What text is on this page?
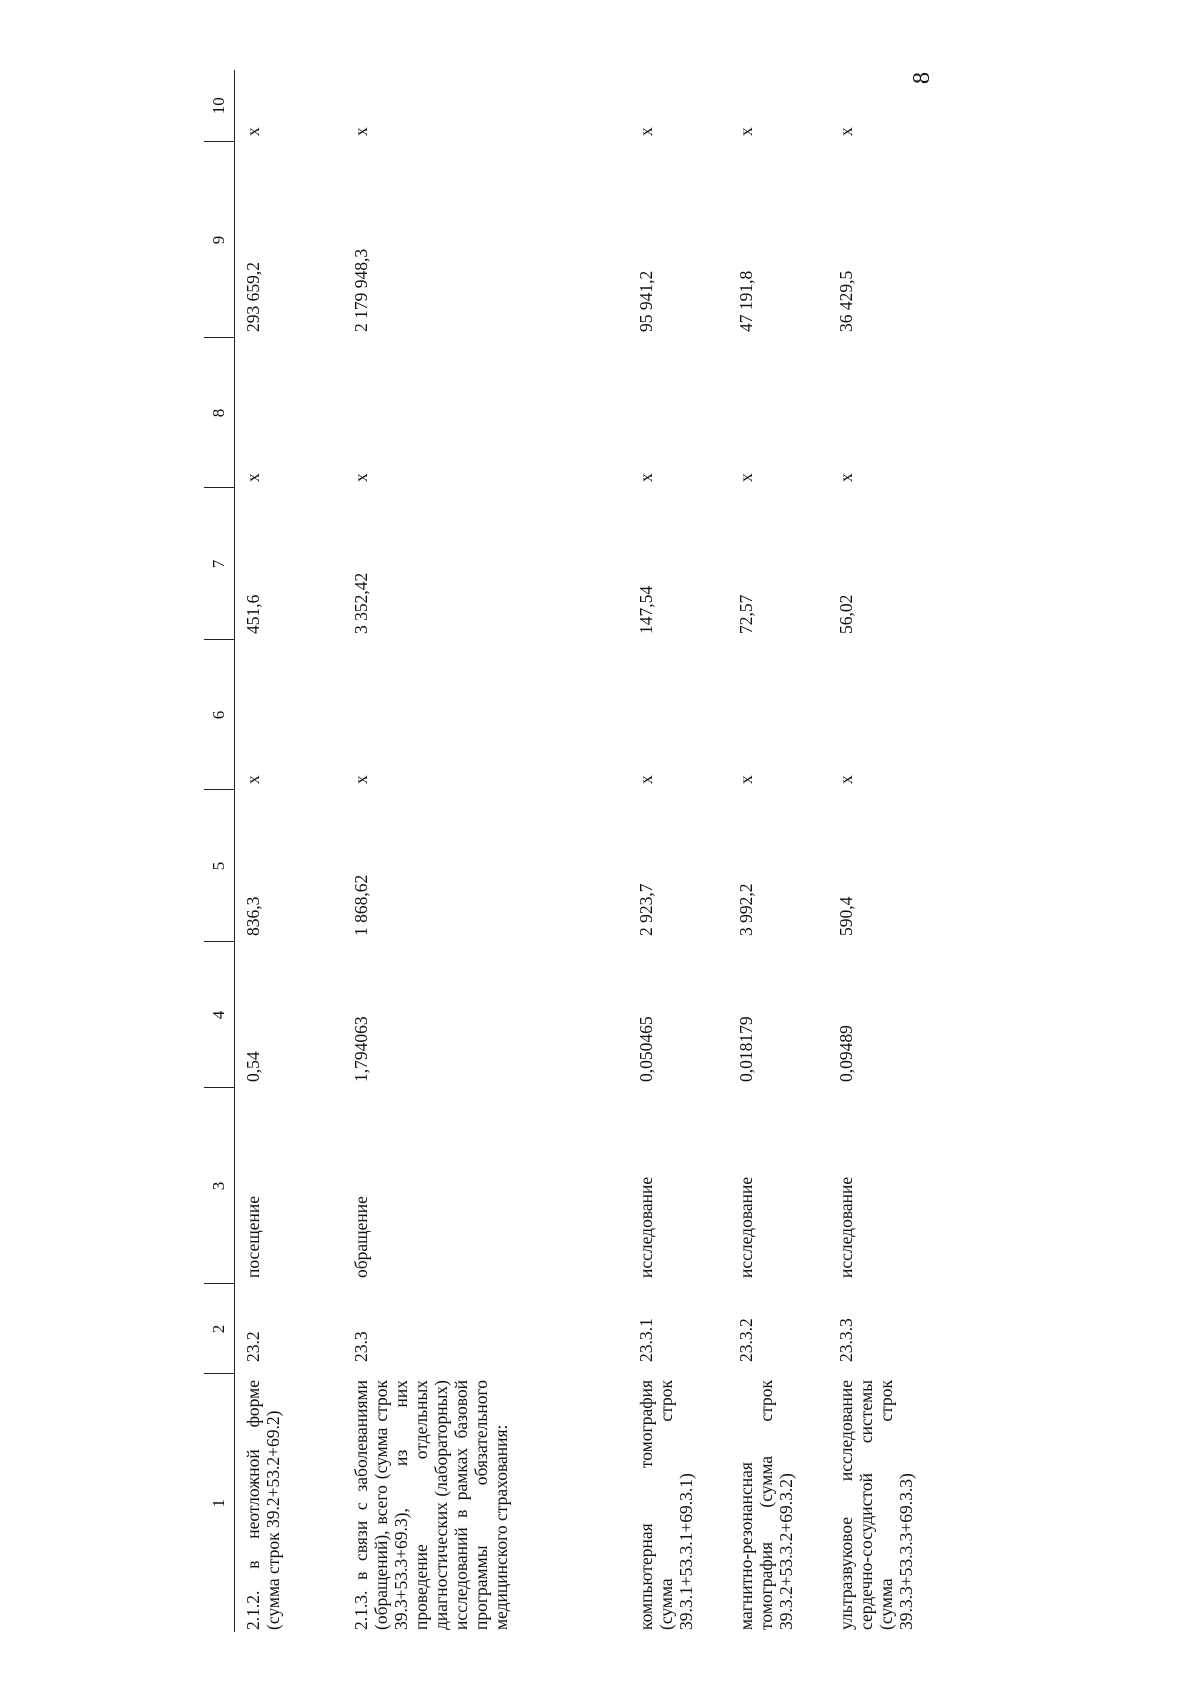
8
1	2	3	4	5	6	7	8	9	10
2.1.2. в неотложной форме (сумма строк 39.2+53.2+69.2)	23.2	посещение	0,54	836,3	х	451,6	х	293 659,2	х
2.1.3. в связи с заболеваниями (обращений), всего (сумма строк 39.3+53.3+69.3), из них проведение отдельных диагностических (лабораторных) исследований в рамках базовой программы обязательного медицинского страхования:	23.3	обращение	1,794063	1 868,62	х	3 352,42	х	2 179 948,3	х
компьютерная томография (сумма строк 39.3.1+53.3.1+69.3.1)	23.3.1	исследование	0,050465	2 923,7	х	147,54	х	95 941,2	х
магнитно-резонансная томография (сумма строк 39.3.2+53.3.2+69.3.2)	23.3.2	исследование	0,018179	3 992,2	х	72,57	х	47 191,8	х
ультразвуковое исследование сердечно-сосудистой системы (сумма строк 39.3.3+53.3.3+69.3.3)	23.3.3	исследование	0,09489	590,4	х	56,02	х	36 429,5	х
